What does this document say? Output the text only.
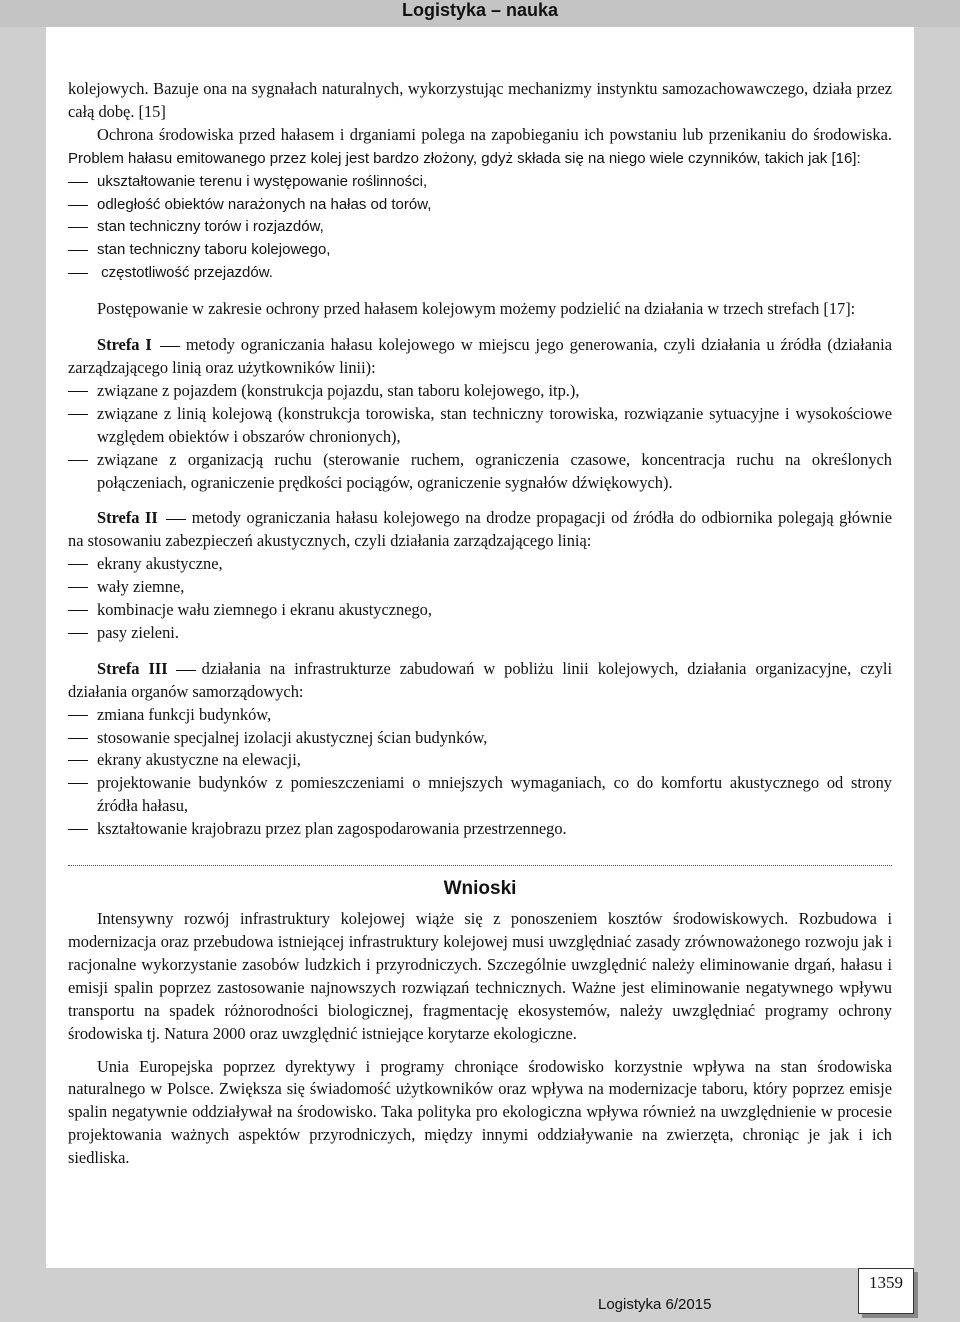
Logistyka – nauka

kolejowych. Bazuje ona na sygnałach naturalnych, wykorzystując mechanizmy instynktu samozachowawczego, działa przez całą dobę. [15]

Ochrona środowiska przed hałasem i drganiami polega na zapobieganiu ich powstaniu lub przenikaniu do środowiska. Problem hałasu emitowanego przez kolej jest bardzo złożony, gdyż składa się na niego wiele czynników, takich jak [16]:

ukształtowanie terenu i występowanie roślinności,
odległość obiektów narażonych na hałas od torów,
stan techniczny torów i rozjazdów,
stan techniczny taboru kolejowego,
częstotliwość przejazdów.

Postępowanie w zakresie ochrony przed hałasem kolejowym możemy podzielić na działania w trzech strefach [17]:

Strefa I metody ograniczania hałasu kolejowego w miejscu jego generowania, czyli działania u źródła (działania zarządzającego linią oraz użytkowników linii):

związane z pojazdem (konstrukcja pojazdu, stan taboru kolejowego, itp.),
związane z linią kolejową (konstrukcja torowiska, stan techniczny torowiska, rozwiązanie sytuacyjne i wysokościowe względem obiektów i obszarów chronionych),
związane z organizacją ruchu (sterowanie ruchem, ograniczenia czasowe, koncentracja ruchu na określonych połączeniach, ograniczenie prędkości pociągów, ograniczenie sygnałów dźwiękowych).

Strefa II metody ograniczania hałasu kolejowego na drodze propagacji od źródła do odbiornika polegają głównie na stosowaniu zabezpieczeń akustycznych, czyli działania zarządzającego linią:

ekrany akustyczne,
wały ziemne,
kombinacje wału ziemnego i ekranu akustycznego,
pasy zieleni.

Strefa III działania na infrastrukturze zabudowań w pobliżu linii kolejowych, działania organizacyjne, czyli działania organów samorządowych:

zmiana funkcji budynków,
stosowanie specjalnej izolacji akustycznej ścian budynków,
ekrany akustyczne na elewacji,
projektowanie budynków z pomieszczeniami o mniejszych wymaganiach, co do komfortu akustycznego od strony źródła hałasu,
kształtowanie krajobrazu przez plan zagospodarowania przestrzennego.

Wnioski

Intensywny rozwój infrastruktury kolejowej wiąże się z ponoszeniem kosztów środowiskowych. Rozbudowa i modernizacja oraz przebudowa istniejącej infrastruktury kolejowej musi uwzględniać zasady zrównoważonego rozwoju jak i racjonalne wykorzystanie zasobów ludzkich i przyrodniczych. Szczególnie uwzględnić należy eliminowanie drgań, hałasu i emisji spalin poprzez zastosowanie najnowszych rozwiązań technicznych. Ważne jest eliminowanie negatywnego wpływu transportu na spadek różnorodności biologicznej, fragmentację ekosystemów, należy uwzględniać programy ochrony środowiska tj. Natura 2000 oraz uwzględnić istniejące korytarze ekologiczne.

Unia Europejska poprzez dyrektywy i programy chroniące środowisko korzystnie wpływa na stan środowiska naturalnego w Polsce. Zwiększa się świadomość użytkowników oraz wpływa na modernizacje taboru, który poprzez emisje spalin negatywnie oddziaływał na środowisko. Taka polityka pro ekologiczna wpływa również na uwzględnienie w procesie projektowania ważnych aspektów przyrodniczych, między innymi oddziaływanie na zwierzęta, chroniąc je jak i ich siedliska.

Logistyka 6/2015
1359
